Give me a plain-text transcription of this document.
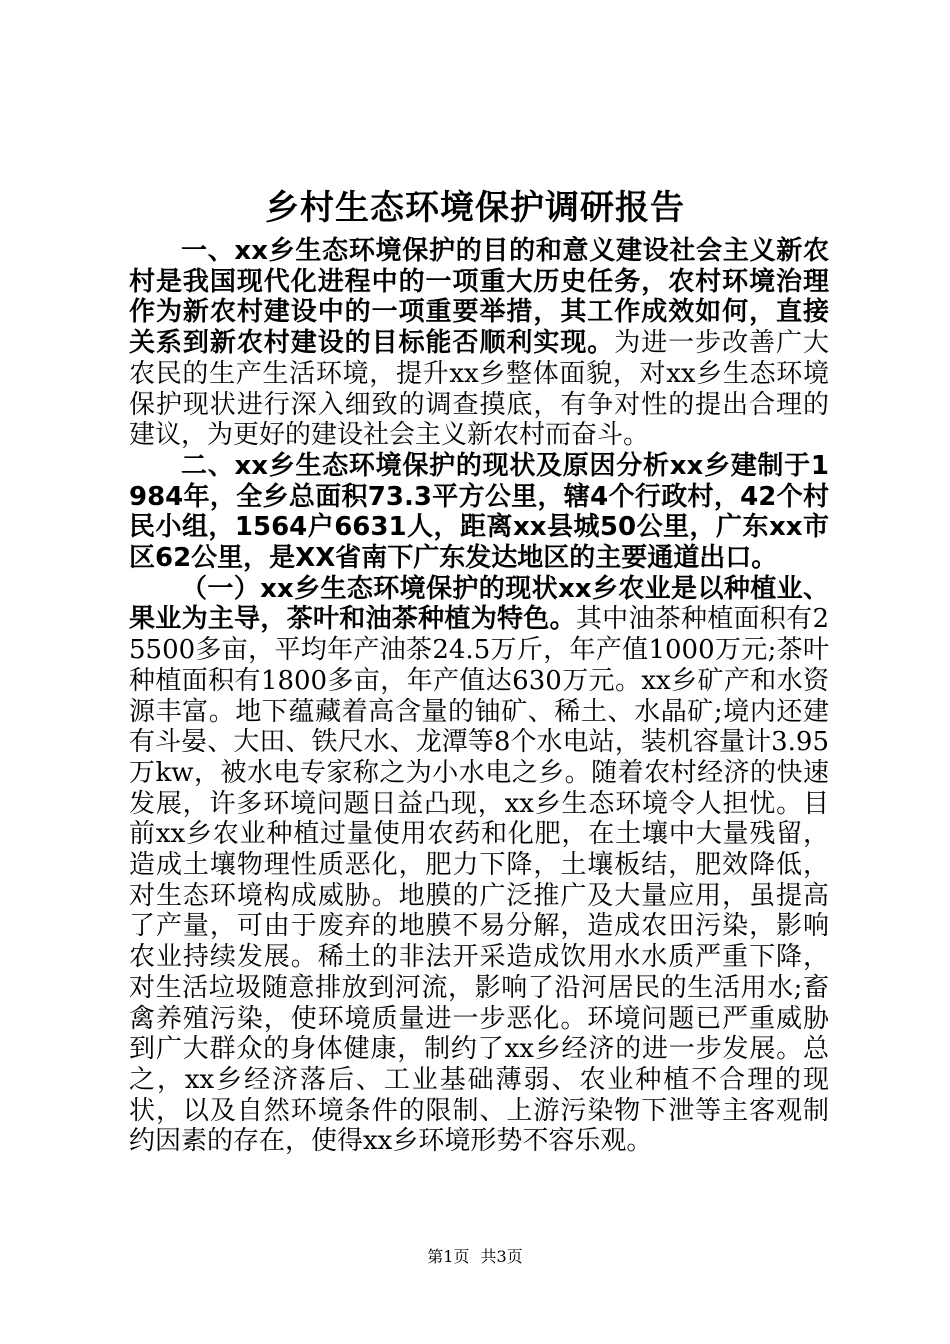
乡村生态环境保护调研报告

一、xx乡生态环境保护的目的和意义建设社会主义新农村是我国现代化进程中的一项重大历史任务，农村环境治理作为新农村建设中的一项重要举措，其工作成效如何，直接关系到新农村建设的目标能否顺利实现。为进一步改善广大农民的生产生活环境，提升xx乡整体面貌，对xx乡生态环境保护现状进行深入细致的调查摸底，有争对性的提出合理的建议，为更好的建设社会主义新农村而奋斗。

二、xx乡生态环境保护的现状及原因分析xx乡建制于1984年，全乡总面积73.3平方公里，辖4个行政村，42个村民小组，1564户6631人，距离xx县城50公里，广东xx市区62公里，是XX省南下广东发达地区的主要通道出口。

（一）xx乡生态环境保护的现状xx乡农业是以种植业、果业为主导，茶叶和油茶种植为特色。其中油茶种植面积有25500多亩，平均年产油茶24.5万斤，年产值1000万元;茶叶种植面积有1800多亩，年产值达630万元。xx乡矿产和水资源丰富。地下蕴藏着高含量的铀矿、稀土、水晶矿;境内还建有斗晏、大田、铁尺水、龙潭等8个水电站，装机容量计3.95万kw，被水电专家称之为小水电之乡。随着农村经济的快速发展，许多环境问题日益凸现，xx乡生态环境令人担忧。目前xx乡农业种植过量使用农药和化肥，在土壤中大量残留，造成土壤物理性质恶化，肥力下降，土壤板结，肥效降低，对生态环境构成威胁。地膜的广泛推广及大量应用，虽提高了产量，可由于废弃的地膜不易分解，造成农田污染，影响农业持续发展。稀土的非法开采造成饮用水水质严重下降，对生活垃圾随意排放到河流，影响了沿河居民的生活用水;畜禽养殖污染，使环境质量进一步恶化。环境问题已严重威胁到广大群众的身体健康，制约了xx乡经济的进一步发展。总之，xx乡经济落后、工业基础薄弱、农业种植不合理的现状，以及自然环境条件的限制、上游污染物下泄等主客观制约因素的存在，使得xx乡环境形势不容乐观。

第1页 共3页
